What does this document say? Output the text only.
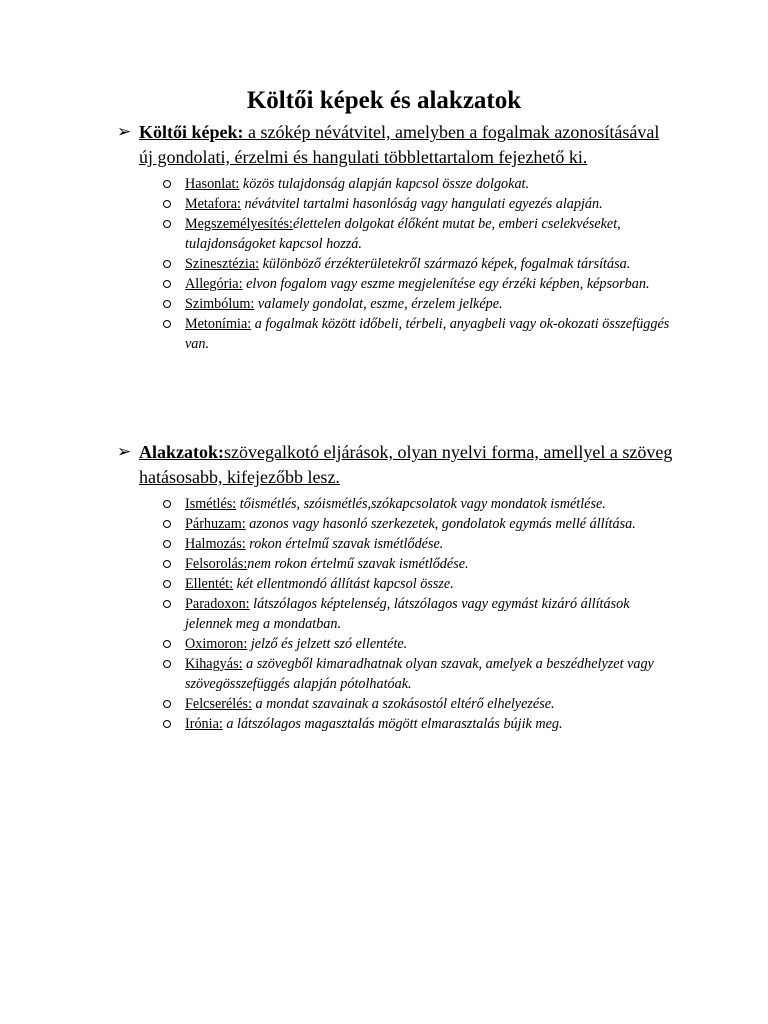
Költői képek és alakzatok
➢ Költői képek: a szókép névátvitel, amelyben a fogalmak azonosításával új gondolati, érzelmi és hangulati többlettartalom fejezhető ki.
Hasonlat: közös tulajdonság alapján kapcsol össze dolgokat.
Metafora: névátvitel tartalmi hasonlóság vagy hangulati egyezés alapján.
Megszemélyesítés:élettelen dolgokat élőként mutat be, emberi cselekvéseket, tulajdonságoket kapcsol hozzá.
Szinesztézia: különböző érzékterületekről származó képek, fogalmak társítása.
Allegória: elvon fogalom vagy eszme megjelenítése egy érzéki képben, képsorban.
Szimbólum: valamely gondolat, eszme, érzelem jelképe.
Metonímia: a fogalmak között időbeli, térbeli, anyagbeli vagy ok-okozati összefüggés van.
➢ Alakzatok:szövegalkotó eljárások, olyan nyelvi forma, amellyel a szöveg hatásosabb, kifejezőbb lesz.
Ismétlés: tőismétlés, szóismétlés,szókapcsolatok vagy mondatok ismétlése.
Párhuzam: azonos vagy hasonló szerkezetek, gondolatok egymás mellé állítása.
Halmozás: rokon értelmű szavak ismétlődése.
Felsorolás:nem rokon értelmű szavak ismétlődése.
Ellentét: két ellentmondó állítást kapcsol össze.
Paradoxon: látszólagos képtelenség, látszólagos vagy egymást kizáró állítások jelennek meg a mondatban.
Oximoron: jelző és jelzett szó ellentéte.
Kihagyás: a szövegből kimaradhatnak olyan szavak, amelyek a beszédhelyzet vagy szövegösszefüggés alapján pótolhatóak.
Felcserélés: a mondat szavainak a szokásostól eltérő elhelyezése.
Irónia: a látszólagos magasztalás mögött elmarasztalás bújik meg.
